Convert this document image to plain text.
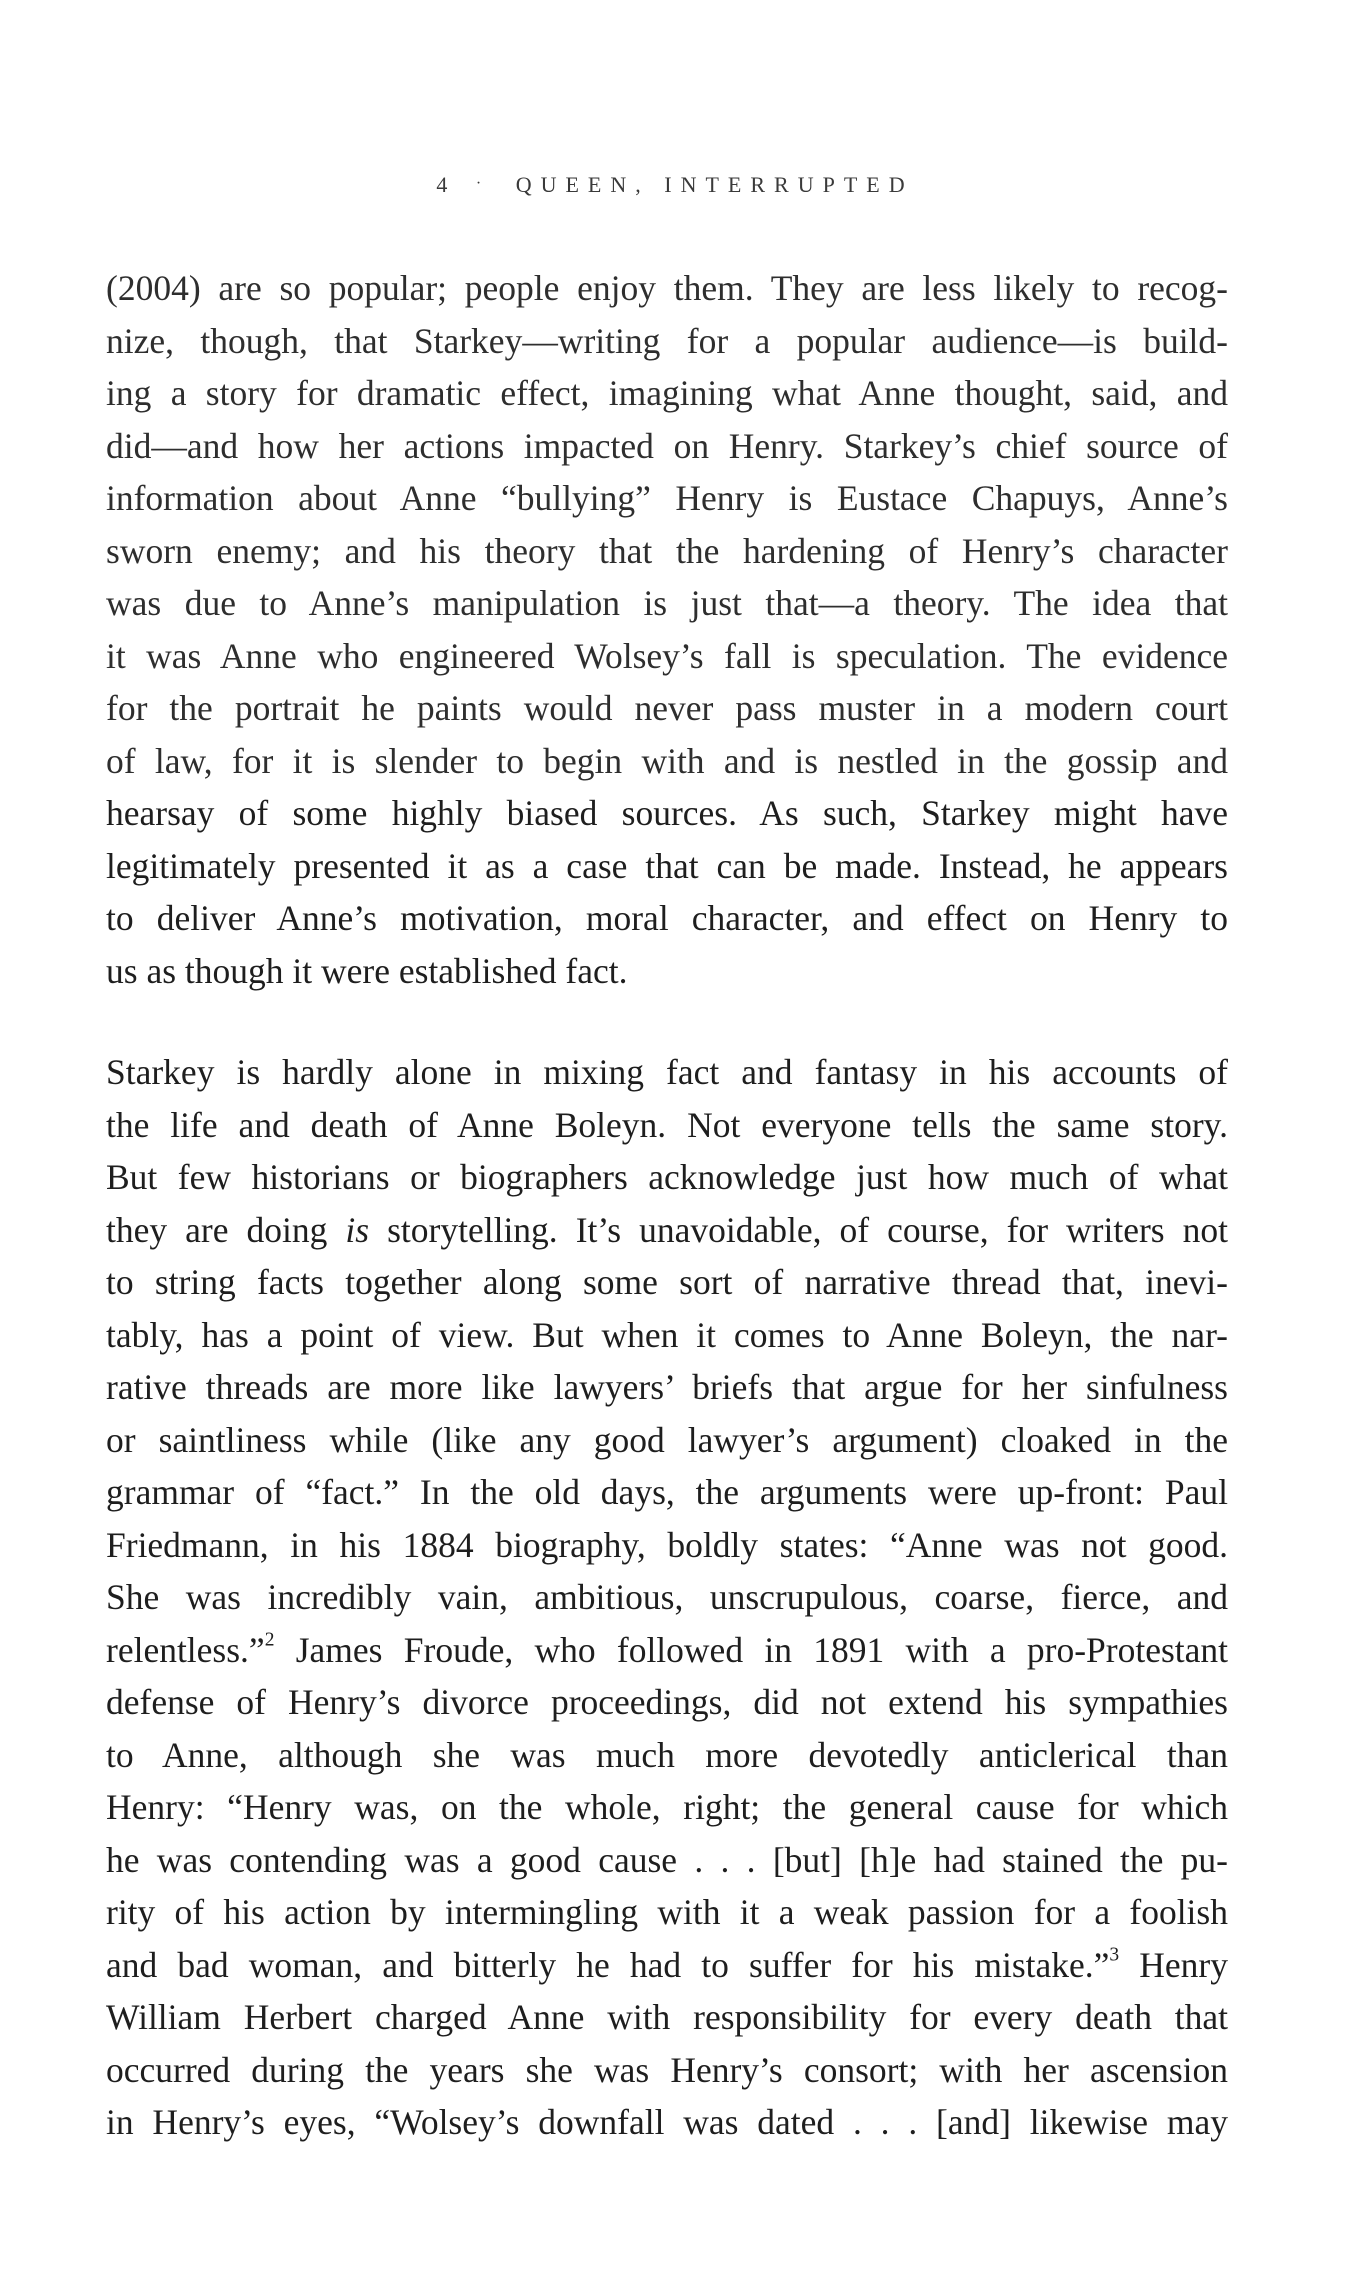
4 · QUEEN, INTERRUPTED
(2004) are so popular; people enjoy them. They are less likely to recog-
nize, though, that Starkey—writing for a popular audience—is build-
ing a story for dramatic effect, imagining what Anne thought, said, and
did—and how her actions impacted on Henry. Starkey’s chief source of
information about Anne “bullying” Henry is Eustace Chapuys, Anne’s
sworn enemy; and his theory that the hardening of Henry’s character
was due to Anne’s manipulation is just that—a theory. The idea that
it was Anne who engineered Wolsey’s fall is speculation. The evidence
for the portrait he paints would never pass muster in a modern court
of law, for it is slender to begin with and is nestled in the gossip and
hearsay of some highly biased sources. As such, Starkey might have
legitimately presented it as a case that can be made. Instead, he appears
to deliver Anne’s motivation, moral character, and effect on Henry to
us as though it were established fact.
Starkey is hardly alone in mixing fact and fantasy in his accounts of
the life and death of Anne Boleyn. Not everyone tells the same story.
But few historians or biographers acknowledge just how much of what
they are doing is storytelling. It’s unavoidable, of course, for writers not
to string facts together along some sort of narrative thread that, inevi-
tably, has a point of view. But when it comes to Anne Boleyn, the nar-
rative threads are more like lawyers’ briefs that argue for her sinfulness
or saintliness while (like any good lawyer’s argument) cloaked in the
grammar of “fact.” In the old days, the arguments were up-front: Paul
Friedmann, in his 1884 biography, boldly states: “Anne was not good.
She was incredibly vain, ambitious, unscrupulous, coarse, fierce, and
relentless.”$^2$ James Froude, who followed in 1891 with a pro-Protestant
defense of Henry’s divorce proceedings, did not extend his sympathies
to Anne, although she was much more devotedly anticlerical than
Henry: “Henry was, on the whole, right; the general cause for which
he was contending was a good cause . . . [but] [h]e had stained the pu-
rity of his action by intermingling with it a weak passion for a foolish
and bad woman, and bitterly he had to suffer for his mistake.”$^3$ Henry
William Herbert charged Anne with responsibility for every death that
occurred during the years she was Henry’s consort; with her ascension
in Henry’s eyes, “Wolsey’s downfall was dated . . . [and] likewise may
